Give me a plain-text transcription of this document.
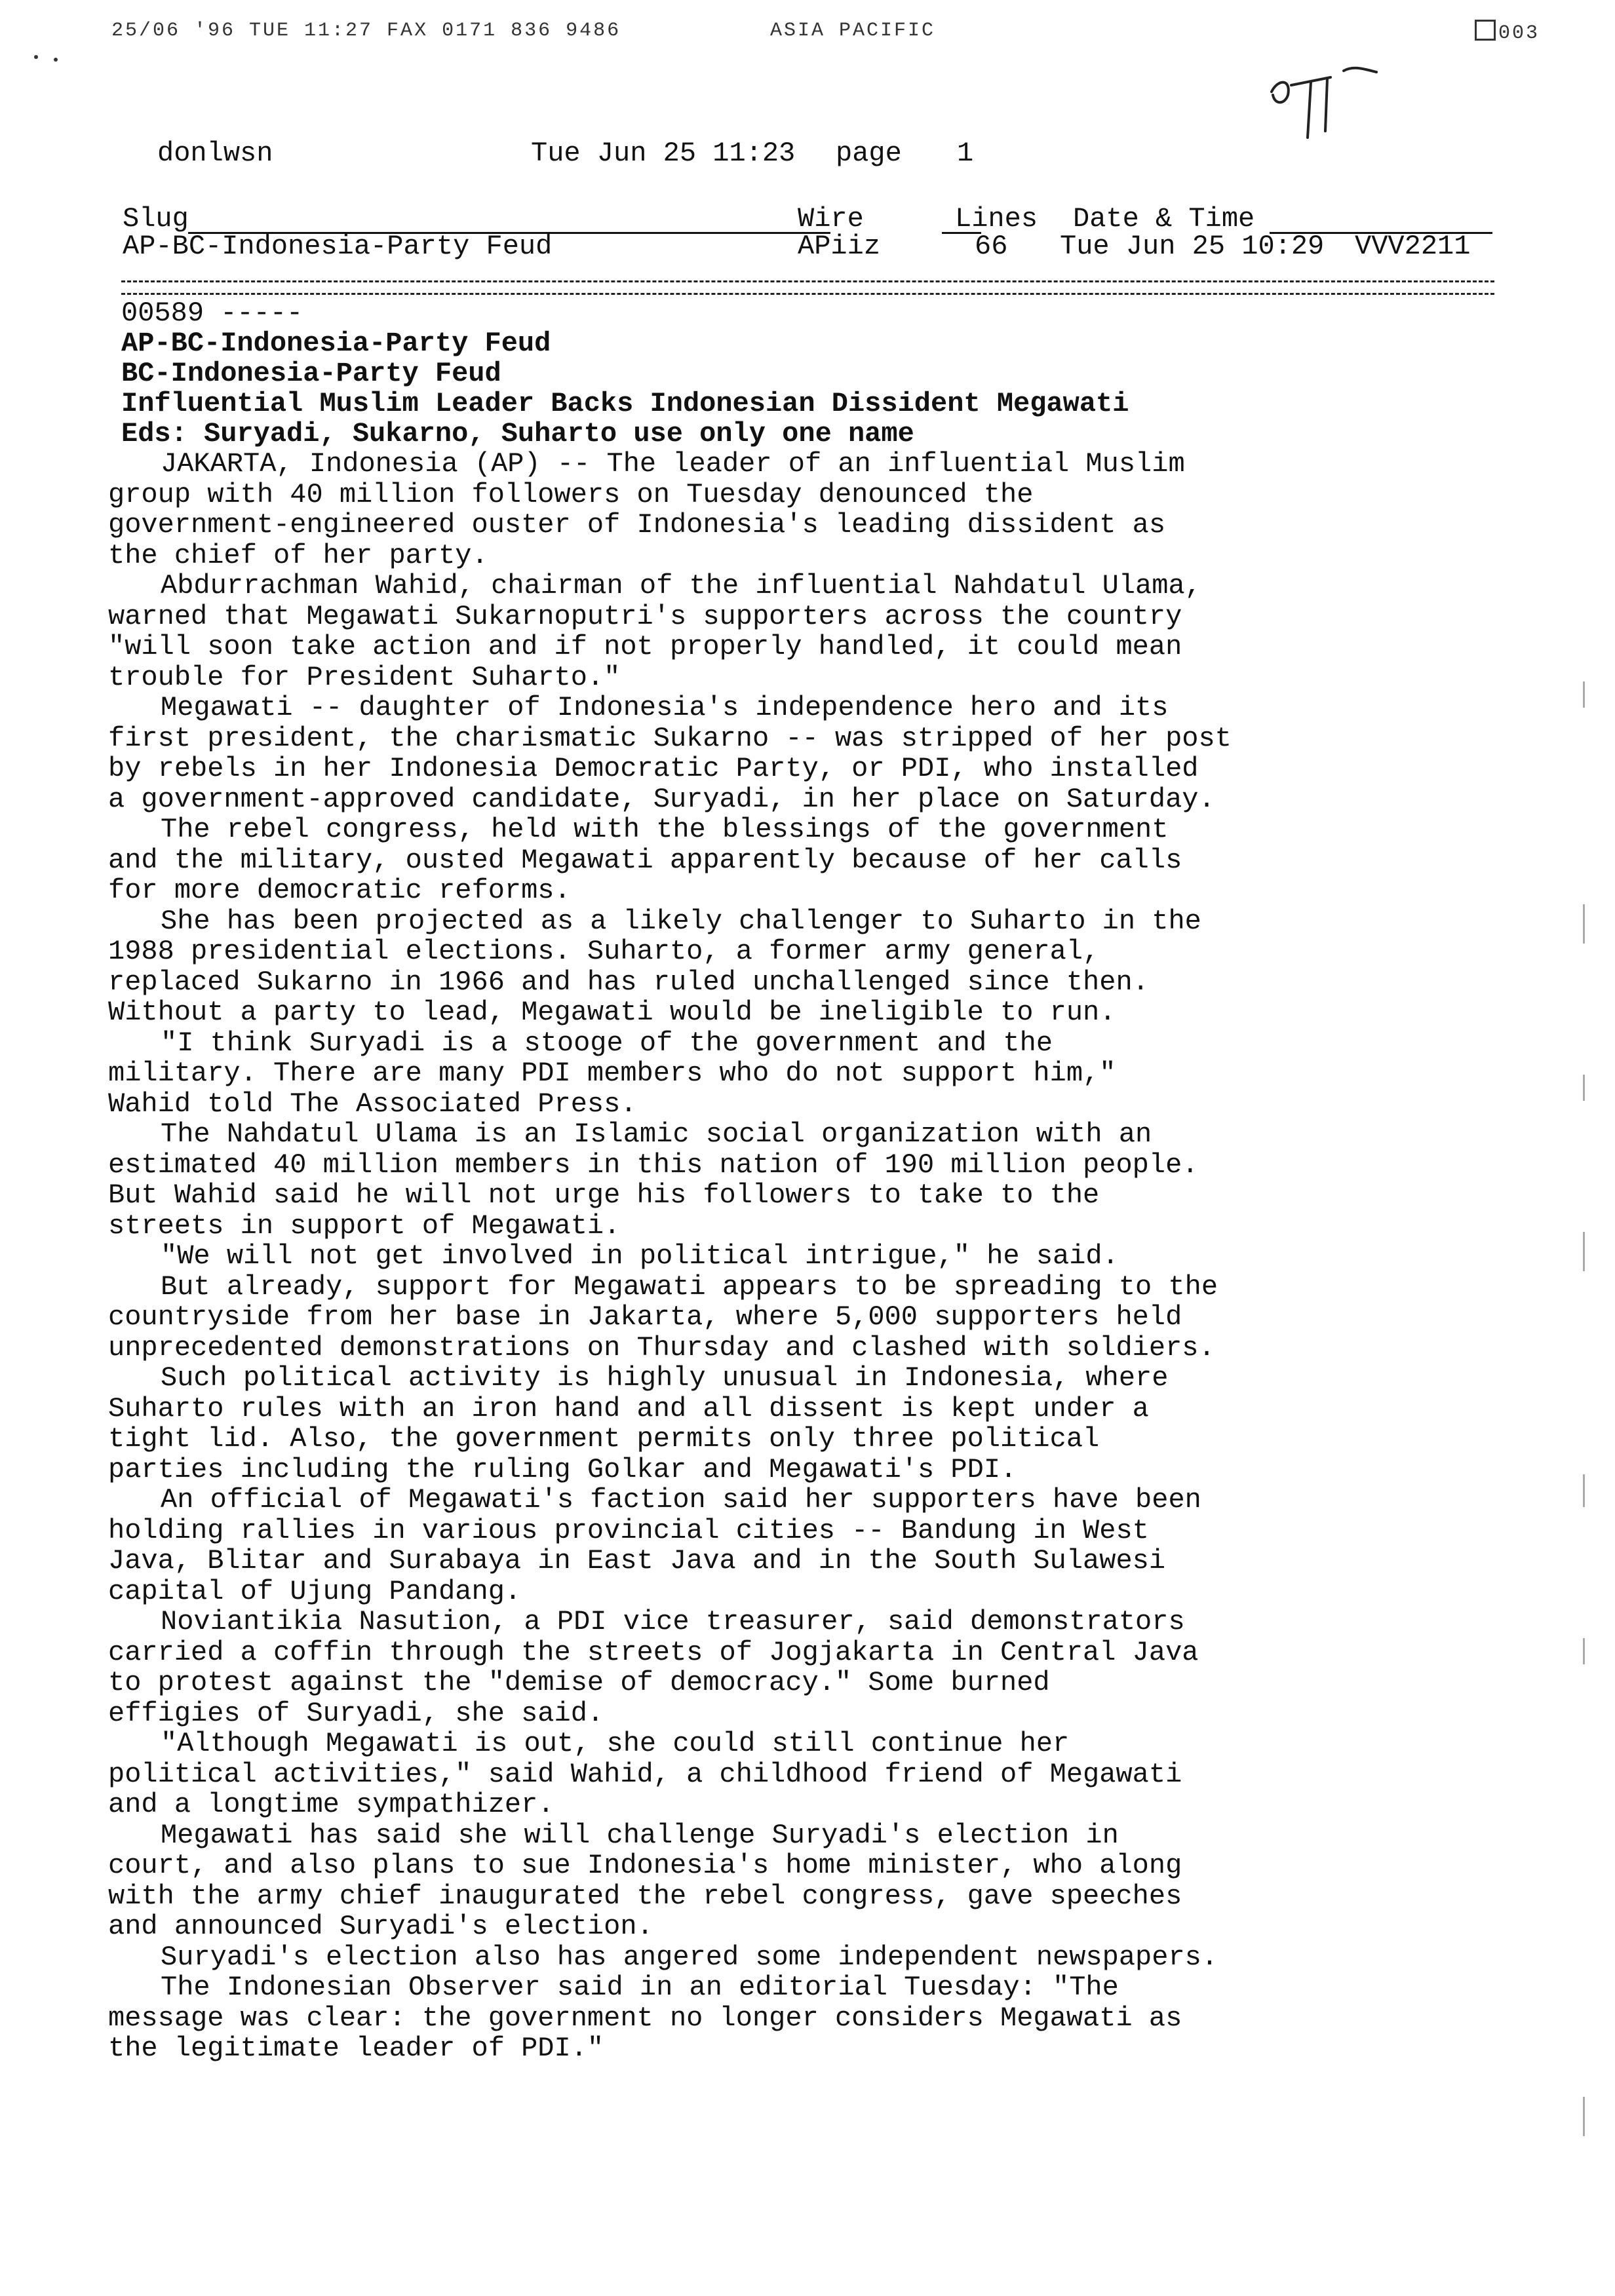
25/06 '96 TUE 11:27 FAX 0171 836 9486	ASIA PACIFIC	003
donlwsn	Tue Jun 25 11:23 page 1
Slug	Wire	Lines Date & Time
AP-BC-Indonesia-Party Feud	APiiz	66 Tue Jun 25 10:29 VVV2211
00589 -----
AP-BC-Indonesia-Party Feud
BC-Indonesia-Party Feud
Influential Muslim Leader Backs Indonesian Dissident Megawati
Eds: Suryadi, Sukarno, Suharto use only one name

JAKARTA, Indonesia (AP) -- The leader of an influential Muslim
group with 40 million followers on Tuesday denounced the
government-engineered ouster of Indonesia's leading dissident as
the chief of her party.

Abdurrachman Wahid, chairman of the influential Nahdatul Ulama,
warned that Megawati Sukarnoputri's supporters across the country
"will soon take action and if not properly handled, it could mean
trouble for President Suharto."

Megawati -- daughter of Indonesia's independence hero and its
first president, the charismatic Sukarno -- was stripped of her post
by rebels in her Indonesia Democratic Party, or PDI, who installed
a government-approved candidate, Suryadi, in her place on Saturday.

The rebel congress, held with the blessings of the government
and the military, ousted Megawati apparently because of her calls
for more democratic reforms.

She has been projected as a likely challenger to Suharto in the
1988 presidential elections. Suharto, a former army general,
replaced Sukarno in 1966 and has ruled unchallenged since then.
Without a party to lead, Megawati would be ineligible to run.

"I think Suryadi is a stooge of the government and the
military. There are many PDI members who do not support him,"
Wahid told The Associated Press.

The Nahdatul Ulama is an Islamic social organization with an
estimated 40 million members in this nation of 190 million people.
But Wahid said he will not urge his followers to take to the
streets in support of Megawati.

"We will not get involved in political intrigue," he said.

But already, support for Megawati appears to be spreading to the
countryside from her base in Jakarta, where 5,000 supporters held
unprecedented demonstrations on Thursday and clashed with soldiers.

Such political activity is highly unusual in Indonesia, where
Suharto rules with an iron hand and all dissent is kept under a
tight lid. Also, the government permits only three political
parties including the ruling Golkar and Megawati's PDI.

An official of Megawati's faction said her supporters have been
holding rallies in various provincial cities -- Bandung in West
Java, Blitar and Surabaya in East Java and in the South Sulawesi
capital of Ujung Pandang.

Noviantikia Nasution, a PDI vice treasurer, said demonstrators
carried a coffin through the streets of Jogjakarta in Central Java
to protest against the "demise of democracy." Some burned
effigies of Suryadi, she said.

"Although Megawati is out, she could still continue her
political activities," said Wahid, a childhood friend of Megawati
and a longtime sympathizer.

Megawati has said she will challenge Suryadi's election in
court, and also plans to sue Indonesia's home minister, who along
with the army chief inaugurated the rebel congress, gave speeches
and announced Suryadi's election.

Suryadi's election also has angered some independent newspapers.

The Indonesian Observer said in an editorial Tuesday: "The
message was clear: the government no longer considers Megawati as
the legitimate leader of PDI."
